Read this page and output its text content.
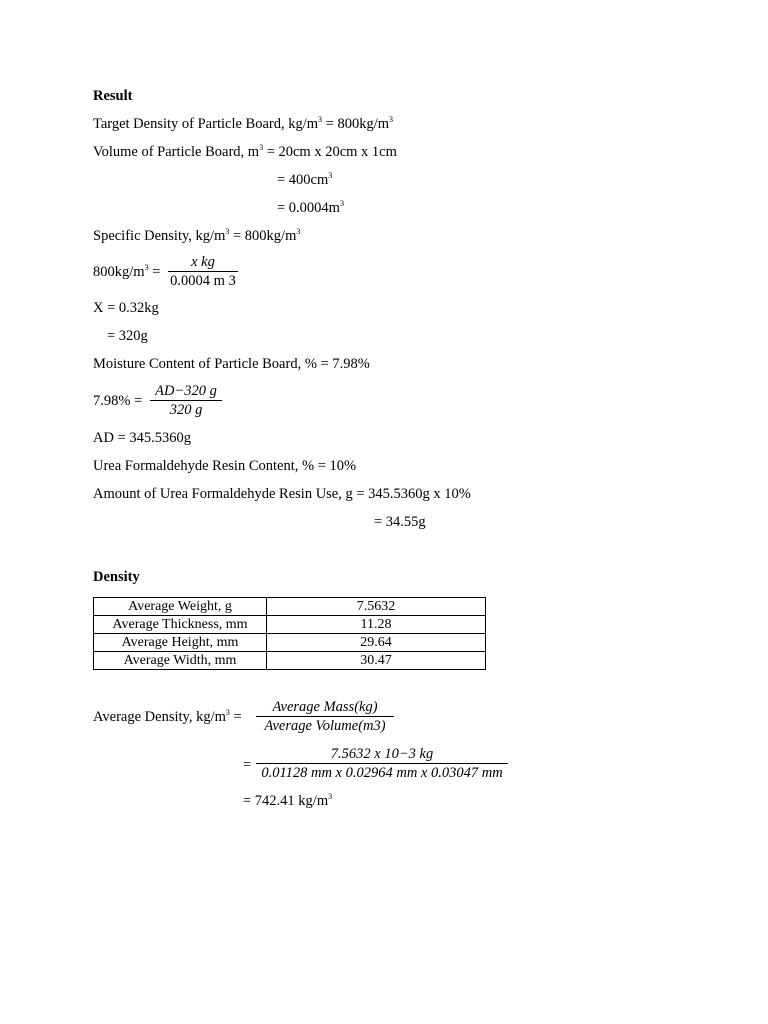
Result
Target Density of Particle Board, $kg/m^3 = 800kg/m^3$
Volume of Particle Board, $m^3 = 20cm$ x 20cm x 1cm
= $400cm^3$
= $0.0004m^3$
Specific Density, $kg/m^3 = 800kg/m^3$
$800kg/m^3$ =
x kg
0.0004 m 3
X = 0.32kg
= 320g
Moisture Content of Particle Board, % = 7.98%
7.98% =
AD−320 g
320 g
AD = 345.5360g
Urea Formaldehyde Resin Content, % = 10%
Amount of Urea Formaldehyde Resin Use, g = 345.5360g x 10%
= 34.55g
Density
Average Weight, g	7.5632
Average Thickness, mm	11.28
Average Height, mm	29.64
Average Width, mm	30.47
Average Density, $kg/m^3$ =
Average Mass(kg)
Average Volume(m3)
=
7.5632 x 10−3 kg
0.01128 mm x 0.02964 mm x 0.03047 mm
= 742.41 $kg/m^3$
